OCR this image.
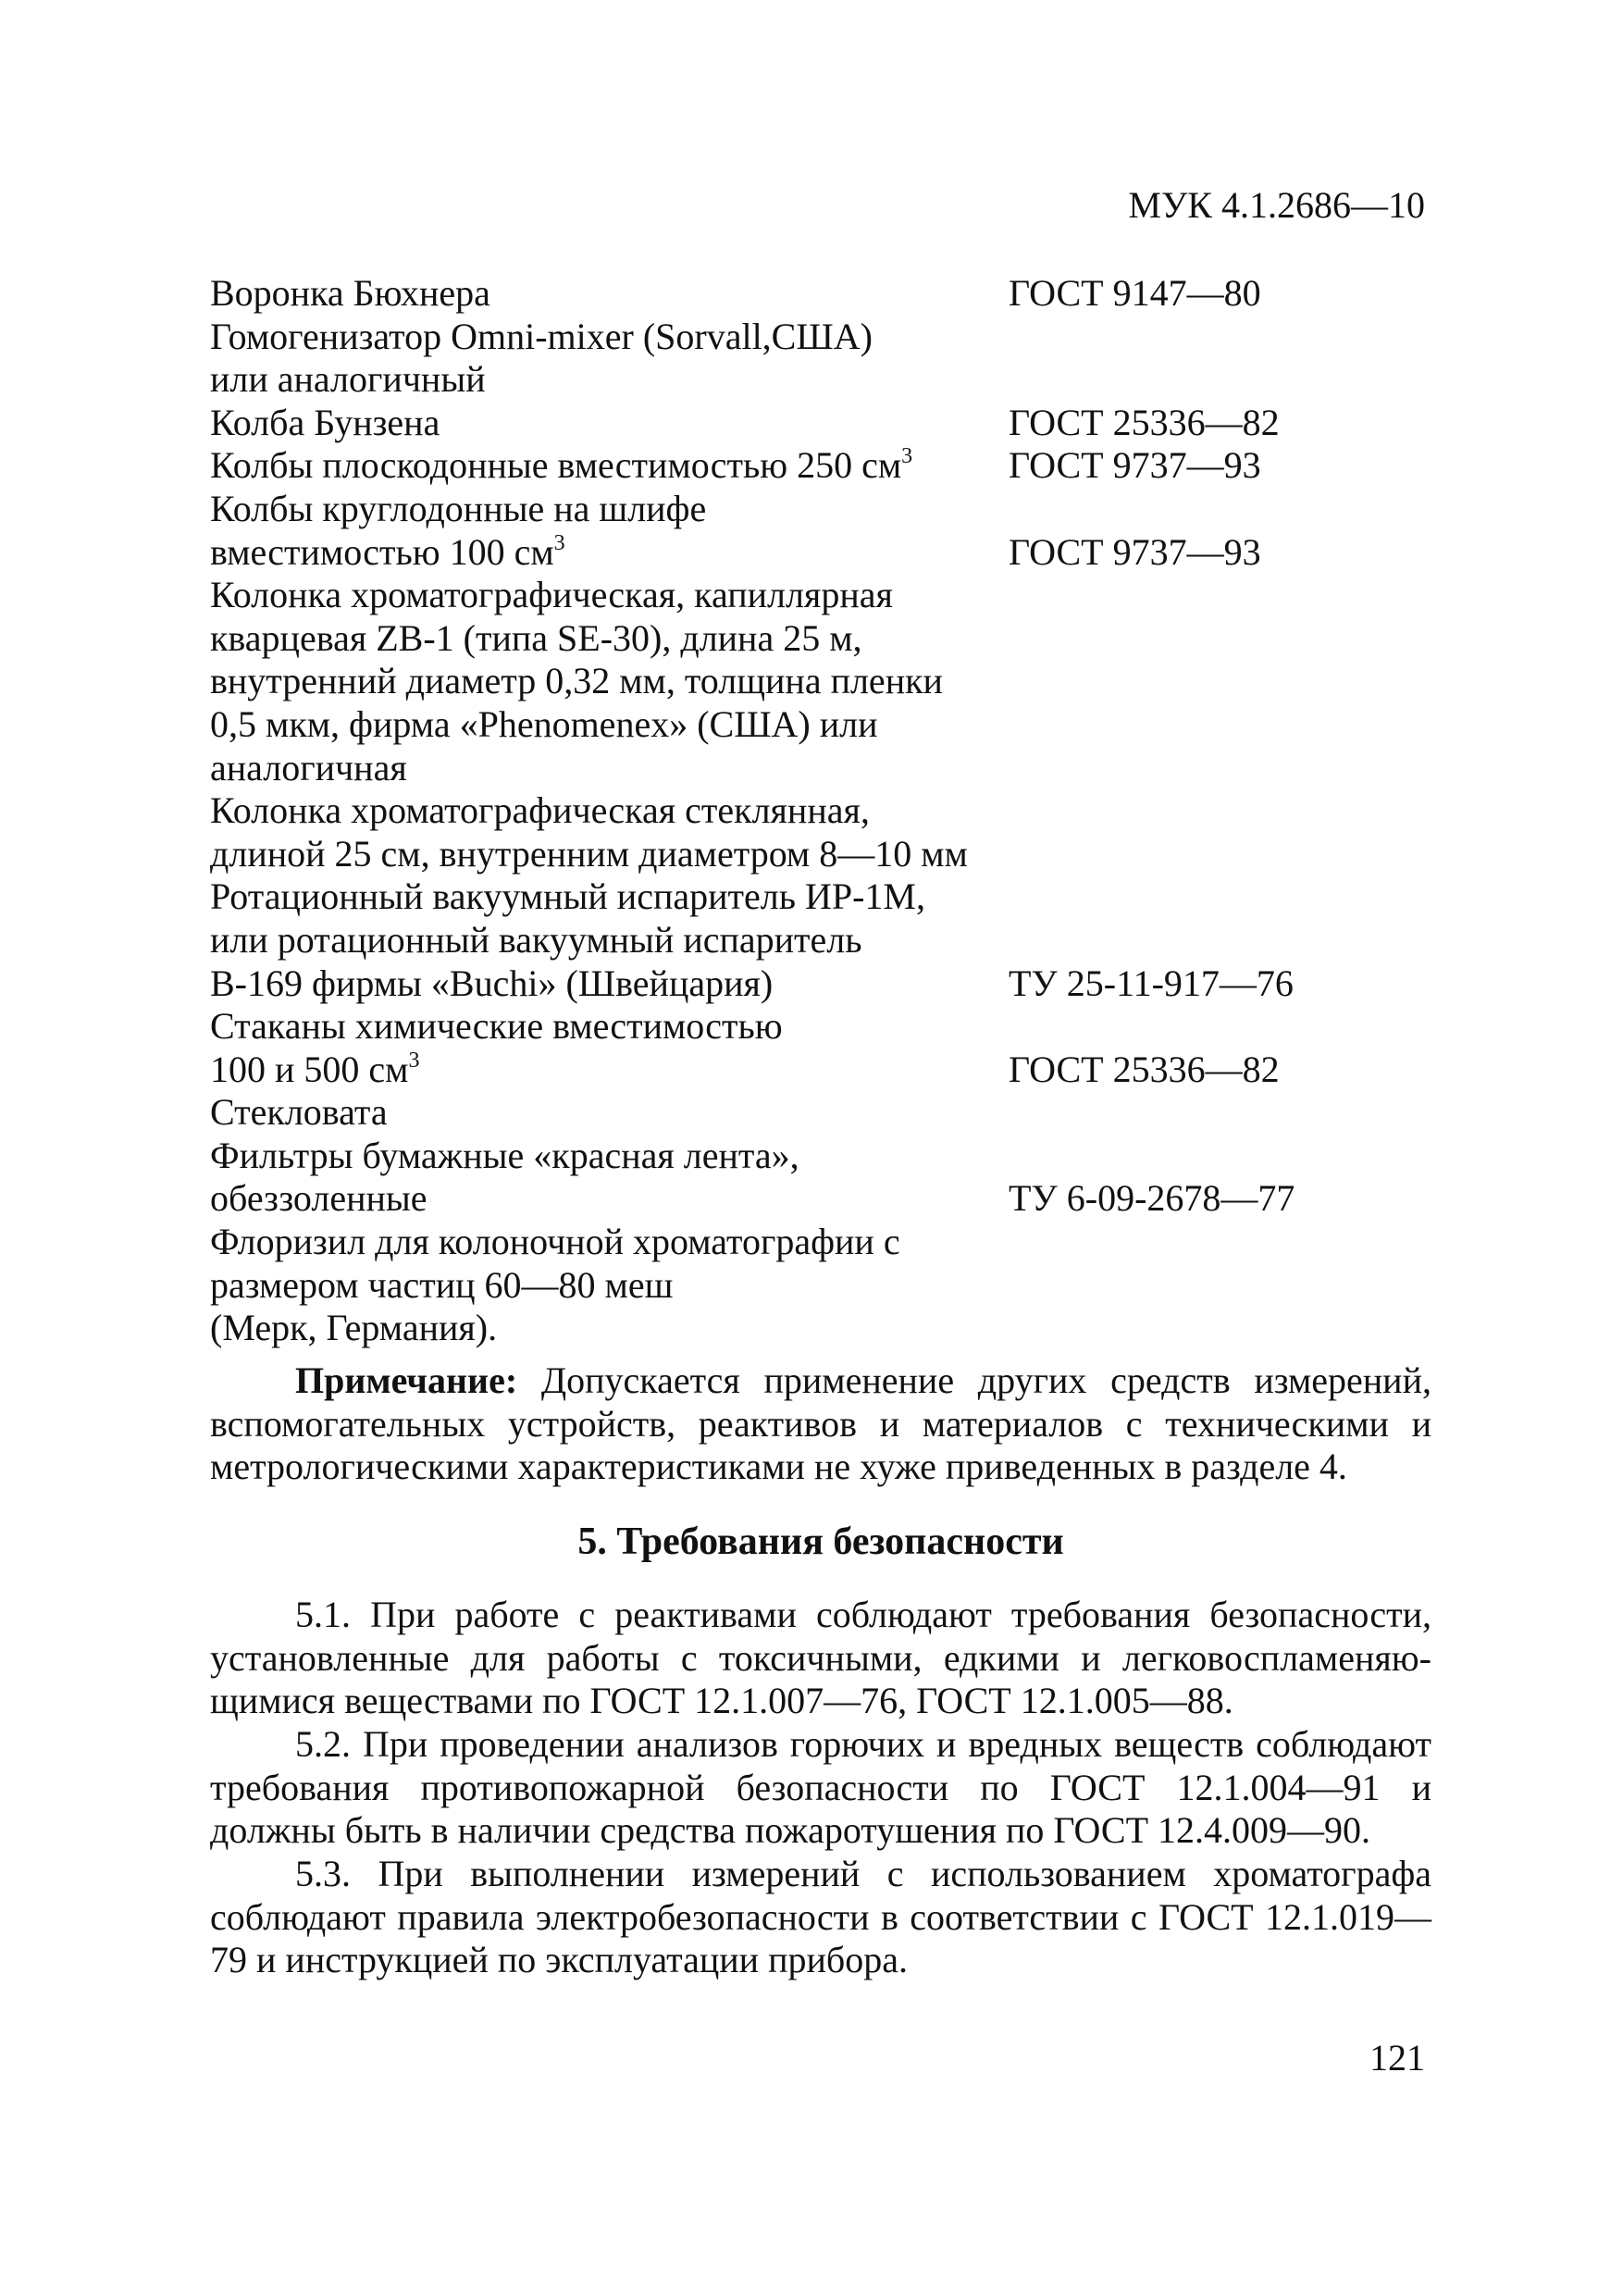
МУК 4.1.2686—10
Воронка Бюхнера	ГОСТ 9147—80
Гомогенизатор Omni-mixer (Sorvall,США)
или аналогичный
Колба Бунзена	ГОСТ 25336—82
Колбы плоскодонные вместимостью 250 $см^3$	ГОСТ 9737—93
Колбы круглодонные на шлифе
вместимостью 100 $см^3$	ГОСТ 9737—93
Колонка хроматографическая, капиллярная
кварцевая ZB-1 (типа SE-30), длина 25 м,
внутренний диаметр 0,32 мм, толщина пленки
0,5 мкм, фирма «Phenomenex» (США) или
аналогичная
Колонка хроматографическая стеклянная,
длиной 25 см, внутренним диаметром 8—10 мм
Ротационный вакуумный испаритель ИР-1М,
или ротационный вакуумный испаритель
В-169 фирмы «Buchi» (Швейцария)	ТУ 25-11-917—76
Стаканы химические вместимостью
100 и 500 $см^3$	ГОСТ 25336—82
Стекловата
Фильтры бумажные «красная лента»,
обеззоленные	ТУ 6-09-2678—77
Флоризил для колоночной хроматографии с
размером частиц 60—80 меш
(Мерк, Германия).

Примечание: Допускается применение других средств измерений, вспомогательных устройств, реактивов и материалов с техническими и метрологическими характеристиками не хуже приведенных в разделе 4.

5. Требования безопасности

5.1. При работе с реактивами соблюдают требования безопасности, установленные для работы с токсичными, едкими и легковоспламеняющимися веществами по ГОСТ 12.1.007—76, ГОСТ 12.1.005—88.

5.2. При проведении анализов горючих и вредных веществ соблюдают требования противопожарной безопасности по ГОСТ 12.1.004—91 и должны быть в наличии средства пожаротушения по ГОСТ 12.4.009—90.

5.3. При выполнении измерений с использованием хроматографа соблюдают правила электробезопасности в соответствии с ГОСТ 12.1.019—79 и инструкцией по эксплуатации прибора.

121
